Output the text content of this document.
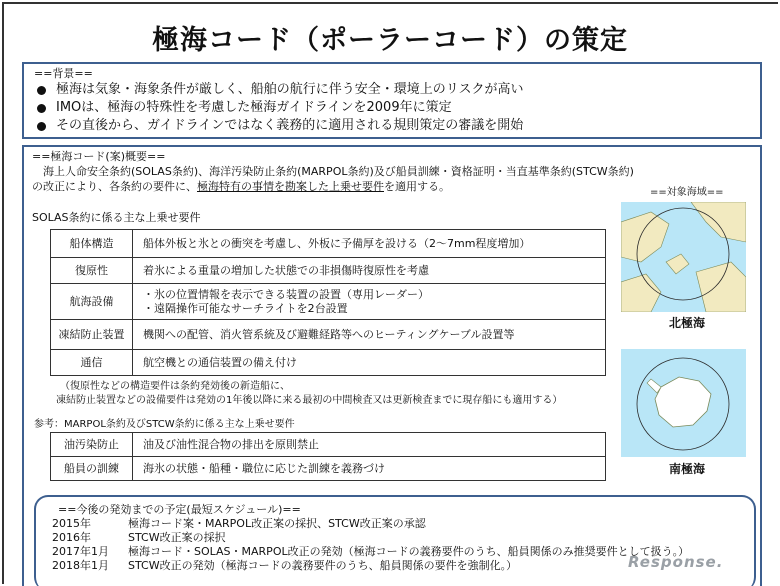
極海コード（ポーラーコード）の策定
==背景==
極海は気象・海象条件が厳しく、船舶の航行に伴う安全・環境上のリスクが高い
IMOは、極海の特殊性を考慮した極海ガイドラインを2009年に策定
その直後から、ガイドラインではなく義務的に適用される規則策定の審議を開始
==極海コード(案)概要==
　海上人命安全条約(SOLAS条約)、海洋汚染防止条約(MARPOL条約)及び船員訓練・資格証明・当直基準条約(STCW条約)の改正により、各条約の要件に、極海特有の事情を勘案した上乗せ要件を適用する。
SOLAS条約に係る主な上乗せ要件
船体構造	船体外板と氷との衝突を考慮し、外板に予備厚を設ける（2～7mm程度増加）
復原性	着氷による重量の増加した状態での非損傷時復原性を考慮
航海設備	・氷の位置情報を表示できる装置の設置（専用レーダー）
・遠隔操作可能なサーチライトを2台設置

凍結防止装置	機関への配管、消火管系統及び避難経路等へのヒーティングケーブル設置等
通信	航空機との通信装置の備え付け
（復原性などの構造要件は条約発効後の新造船に、
凍結防止装置などの設備要件は発効の1年後以降に来る最初の中間検査又は更新検査までに現存船にも適用する）
参考：MARPOL条約及びSTCW条約に係る主な上乗せ要件
油汚染防止	油及び油性混合物の排出を原則禁止
船員の訓練	海氷の状態・船種・職位に応じた訓練を義務づけ
==対象海域==
北極海
南極海
==今後の発効までの予定(最短スケジュール)==
2015年	極海コード案・MARPOL改正案の採択、STCW改正案の承認
2016年	STCW改正案の採択
2017年1月	極海コード・SOLAS・MARPOL改正の発効（極海コードの義務要件のうち、船員関係のみ推奨要件として扱う。）
2018年1月	STCW改正の発効（極海コードの義務要件のうち、船員関係の要件を強制化。）	Response.
